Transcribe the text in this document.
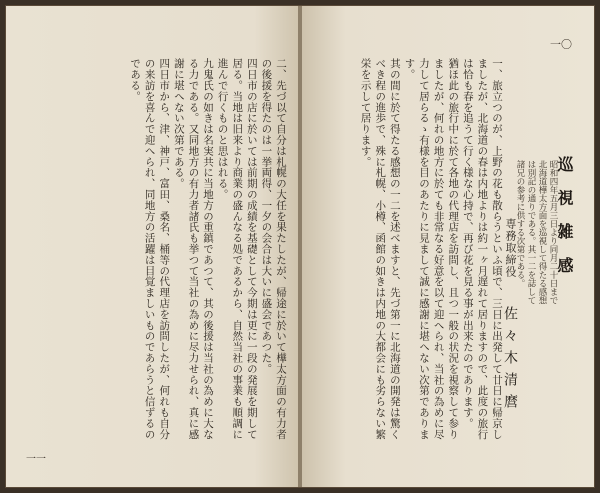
二、先づ以て自分は札幌の大任を果たしたが、帰途に於いて樺太方面の有力者の後援を得たのは一挙両得、一夕の会合は大いに盛会であつた。

四日市の店に於いては前期の成績を基礎として今期は更に一段の発展を期して居る。当地は旧来より商業の盛んなる処であるから、自然当社の事業も順調に進んで行くものと思はれる。

九鬼氏の如きは名実共に当地方の重鎮であつて、其の後援は当社の為めに大なる力である。又同地方の有力者諸氏も挙つて当社の為めに尽力せられ、真に感謝に堪へない次第である。

四日市から、津、神戸、富田、桑名、桶等の代理店を訪問したが、何れも自分の来訪を喜んで迎へられ、同地方の活躍は目覚ましいものであらうと信ずるのである。

一一
一〇
巡 視 雑 感
昭和四年五月三日より同月二十日まで北海道樺太方面を巡視して得たる感想は別記の通りである。其一二を誌して諸兄の参考に供する次第である。
専務取締役
佐々木清麿

一、旅立つのが、上野の花も散らうといふ頃で、三日に出発して廿日に帰京しましたが、北海道の春は内地よりは約一ヶ月遅れて居りますので、此度の旅行は恰も春を追うて行く様な心持で、再び花を見る事が出来たのであります。

猶ほ此の旅行中に於て各地の代理店を訪問し、且つ一般の状況を視察して参りましたが、何れの地方に於ても非常なる好意を以て迎へられ、当社の為めに尽力して居らるゝ有様を目のあたりに見まして誠に感謝に堪へない次第であります。

其の間に於て得たる感想の一二を述べますと、先づ第一に北海道の開発は驚くべき程の進歩で、殊に札幌、小樽、函館の如きは内地の大都会にも劣らない繁栄を示して居ります。
